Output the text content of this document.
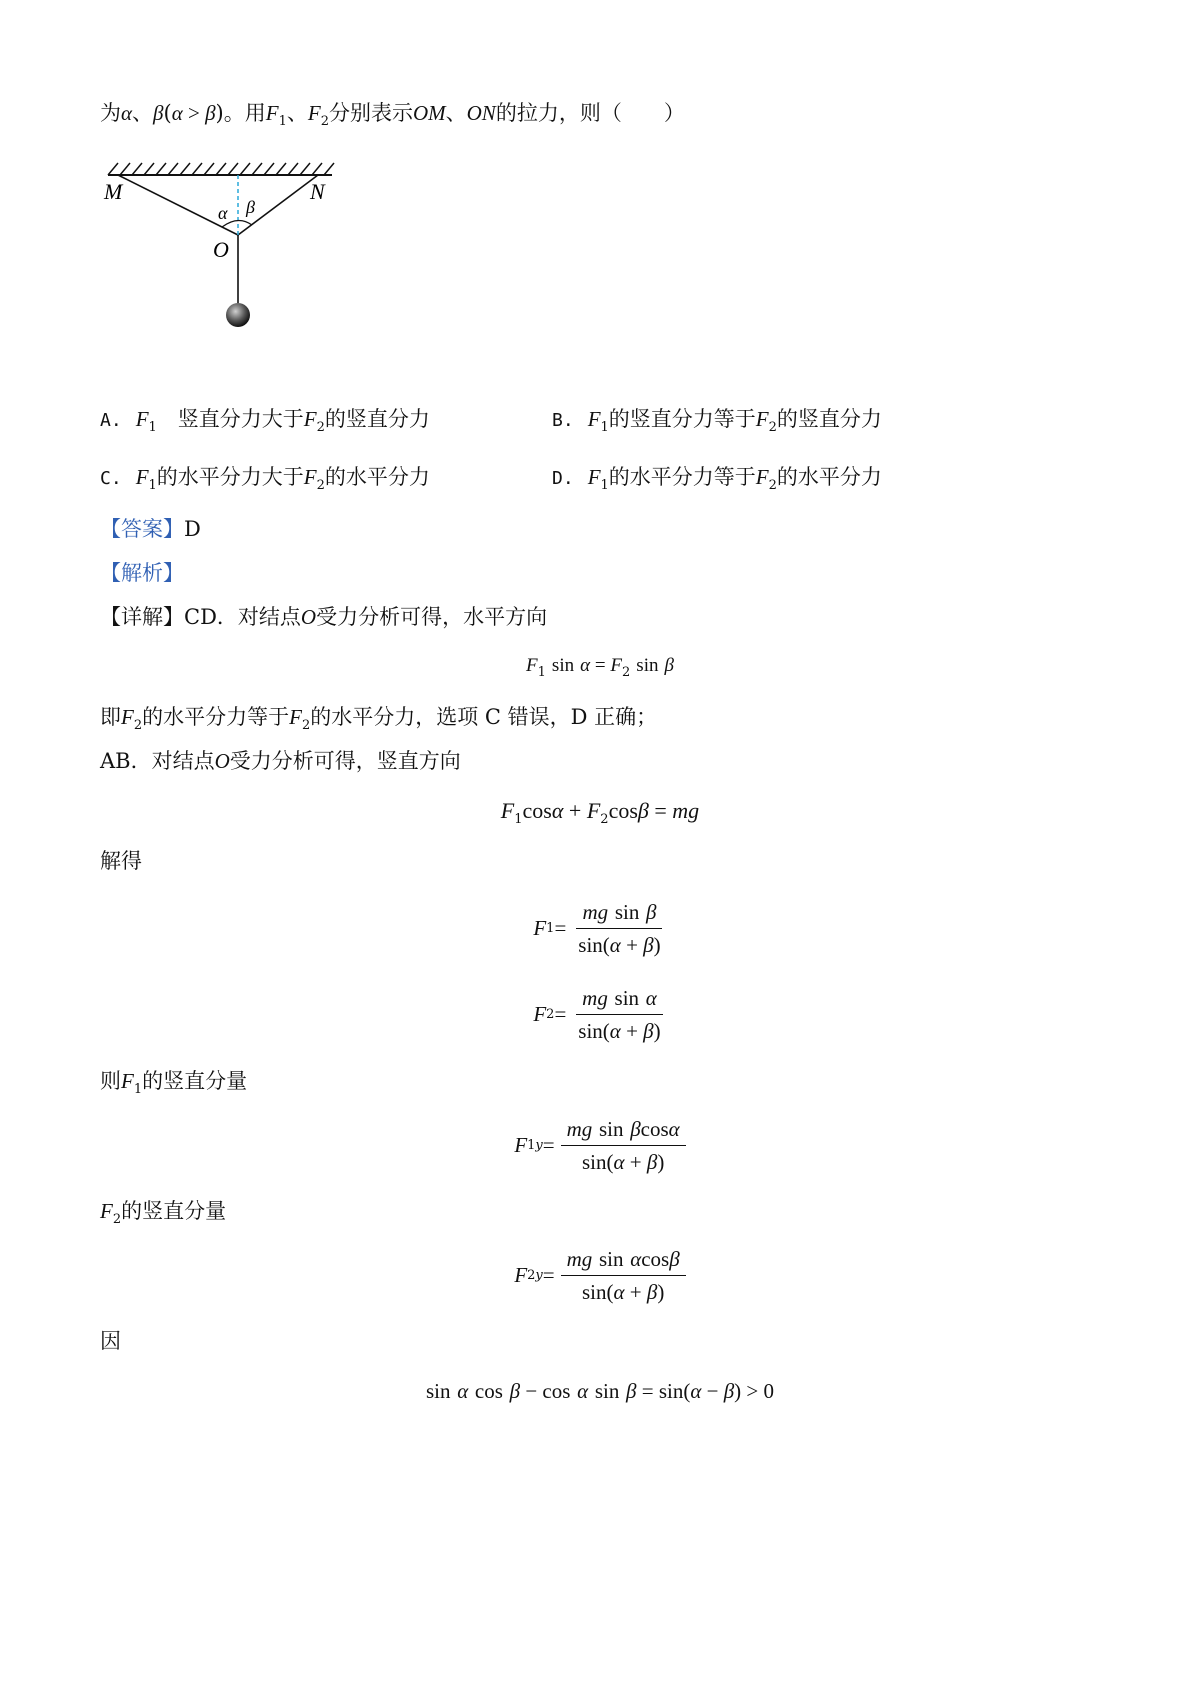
为α、β(α > β)。用$F_1$、$F_2$分别表示OM、ON的拉力，则（　　）
M	N
O
α β
A. $F_1$  竖直分力大于$F_2$的竖直分力	B. $F_1$的竖直分力等于$F_2$的竖直分力
C. $F_1$的水平分力大于$F_2$的水平分力	D. $F_1$的水平分力等于$F_2$的水平分力
【答案】D
【解析】
【详解】CD．对结点O受力分析可得，水平方向
$F_1$ $\sin \alpha = F_2$ sin β
即$F_2$的水平分力等于$F_2$的水平分力，选项 C 错误，D 正确；
AB．对结点O受力分析可得，竖直方向
$F_1\cos\alpha + F_2\cos\beta$ = mg
解得
F $1 = \frac{\text{mg sin β}}{\sin(\alpha + \beta)}$
F $2 = \frac{\text{mg sin α}}{\sin(\alpha + \beta)}$
则$F_1$的竖直分量
F $1y = \frac{\text{mg sin βcosα}}{\sin(\alpha + \beta)}$
$F_2$的竖直分量
F $2y = \frac{\text{mg sin αcosβ}}{\sin(\alpha + \beta)}$
因
sin α cos β − cos α sin β = sin(α − β) > 0
